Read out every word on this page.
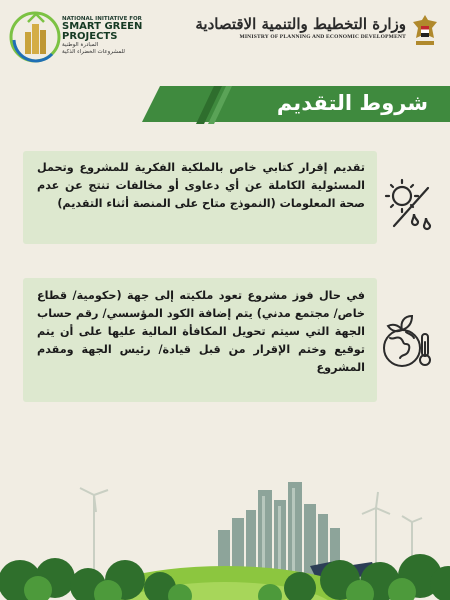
NATIONAL INITIATIVE FOR
SMART GREEN
PROJECTS
المبادرة الوطنية
للمشروعات الخضراء الذكية
وزارة التخطيط والتنمية الاقتصادية
MINISTRY OF PLANNING AND ECONOMIC DEVELOPMENT
شروط التقديم
تقديم إقرار كتابي خاص بالملكية الفكرية للمشروع وتحمل المسئولية الكاملة عن أي دعاوى أو مخالفات تنتج عن عدم صحة المعلومات (النموذج متاح على المنصة أثناء التقديم)
في حال فوز مشروع تعود ملكيته إلى جهة (حكومية/ قطاع خاص/ مجتمع مدني) يتم إضافة الكود المؤسسي/ رقم حساب الجهة التي سيتم تحويل المكافأة المالية عليها على أن يتم توقيع وختم الإقرار من قبل قيادة/ رئيس الجهة ومقدم المشروع
